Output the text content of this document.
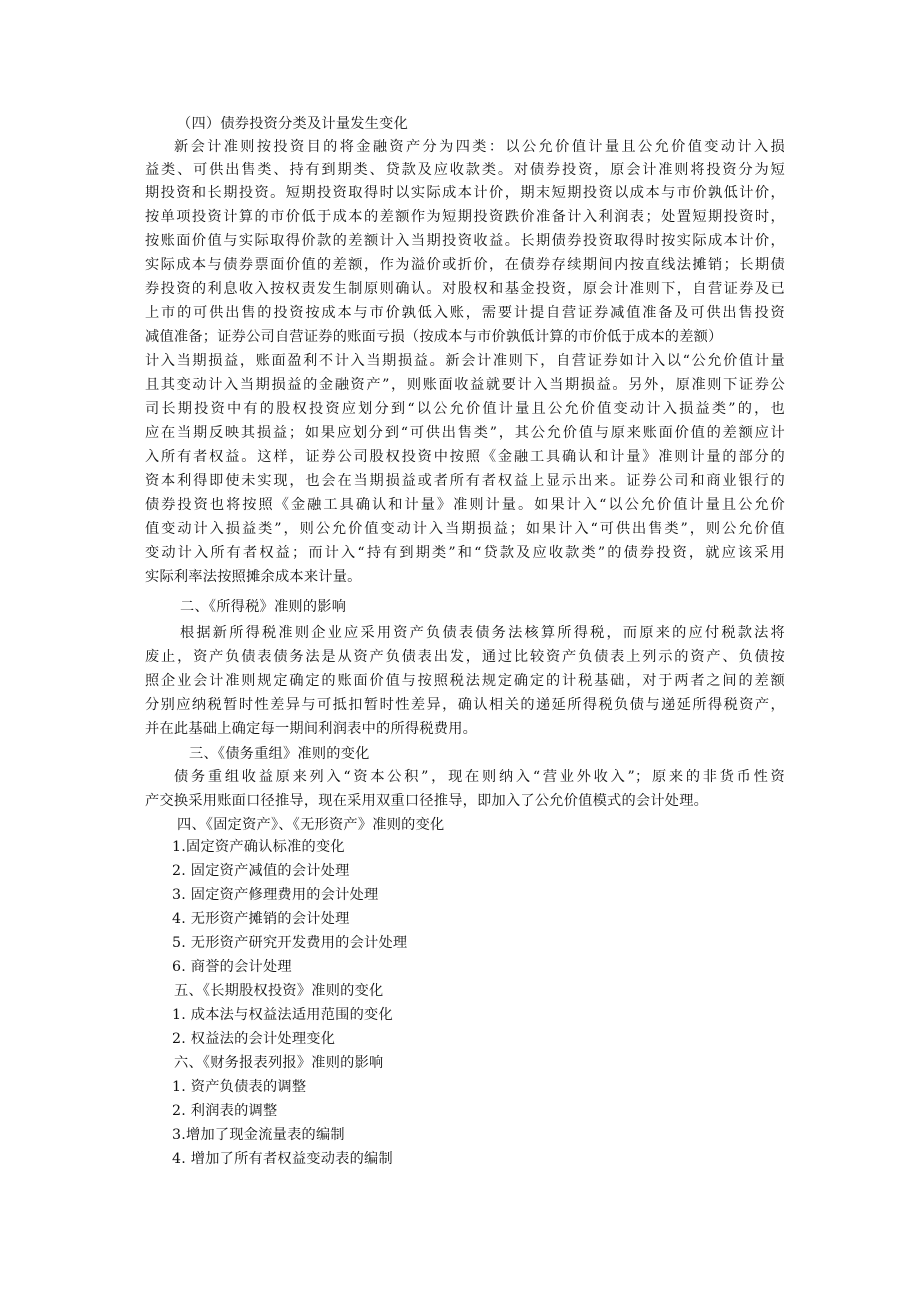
（四）债券投资分类及计量发生变化
新会计准则按投资目的将金融资产分为四类：以公允价值计量且公允价值变动计入损
益类、可供出售类、持有到期类、贷款及应收款类。对债券投资，原会计准则将投资分为短
期投资和长期投资。短期投资取得时以实际成本计价，期末短期投资以成本与市价孰低计价，
按单项投资计算的市价低于成本的差额作为短期投资跌价准备计入利润表；处置短期投资时，
按账面价值与实际取得价款的差额计入当期投资收益。长期债券投资取得时按实际成本计价，
实际成本与债券票面价值的差额，作为溢价或折价，在债券存续期间内按直线法摊销；长期债
券投资的利息收入按权责发生制原则确认。对股权和基金投资，原会计准则下，自营证券及已
上市的可供出售的投资按成本与市价孰低入账，需要计提自营证券减值准备及可供出售投资
减值准备；证券公司自营证券的账面亏损（按成本与市价孰低计算的市价低于成本的差额）
计入当期损益，账面盈利不计入当期损益。新会计准则下，自营证券如计入以“公允价值计量
且其变动计入当期损益的金融资产”，则账面收益就要计入当期损益。另外，原准则下证券公
司长期投资中有的股权投资应划分到“以公允价值计量且公允价值变动计入损益类”的，也
应在当期反映其损益；如果应划分到“可供出售类”，其公允价值与原来账面价值的差额应计
入所有者权益。这样，证券公司股权投资中按照《金融工具确认和计量》准则计量的部分的
资本利得即使未实现，也会在当期损益或者所有者权益上显示出来。证券公司和商业银行的
债券投资也将按照《金融工具确认和计量》准则计量。如果计入“以公允价值计量且公允价
值变动计入损益类”，则公允价值变动计入当期损益；如果计入“可供出售类”，则公允价值
变动计入所有者权益；而计入“持有到期类”和“贷款及应收款类”的债券投资，就应该采用
实际利率法按照摊余成本来计量。
二、《所得税》准则的影响
根据新所得税准则企业应采用资产负债表债务法核算所得税，而原来的应付税款法将
废止，资产负债表债务法是从资产负债表出发，通过比较资产负债表上列示的资产、负债按
照企业会计准则规定确定的账面价值与按照税法规定确定的计税基础，对于两者之间的差额
分别应纳税暂时性差异与可抵扣暂时性差异，确认相关的递延所得税负债与递延所得税资产，
并在此基础上确定每一期间利润表中的所得税费用。
三、《债务重组》准则的变化
债务重组收益原来列入“资本公积”，现在则纳入“营业外收入”；原来的非货币性资
产交换采用账面口径推导，现在采用双重口径推导，即加入了公允价值模式的会计处理。
四、《固定资产》、《无形资产》准则的变化
1.固定资产确认标准的变化
2. 固定资产减值的会计处理
3. 固定资产修理费用的会计处理
4. 无形资产摊销的会计处理
5. 无形资产研究开发费用的会计处理
6. 商誉的会计处理
五、《长期股权投资》准则的变化
1. 成本法与权益法适用范围的变化
2. 权益法的会计处理变化
六、《财务报表列报》准则的影响
1. 资产负债表的调整
2. 利润表的调整
3.增加了现金流量表的编制
4. 增加了所有者权益变动表的编制
